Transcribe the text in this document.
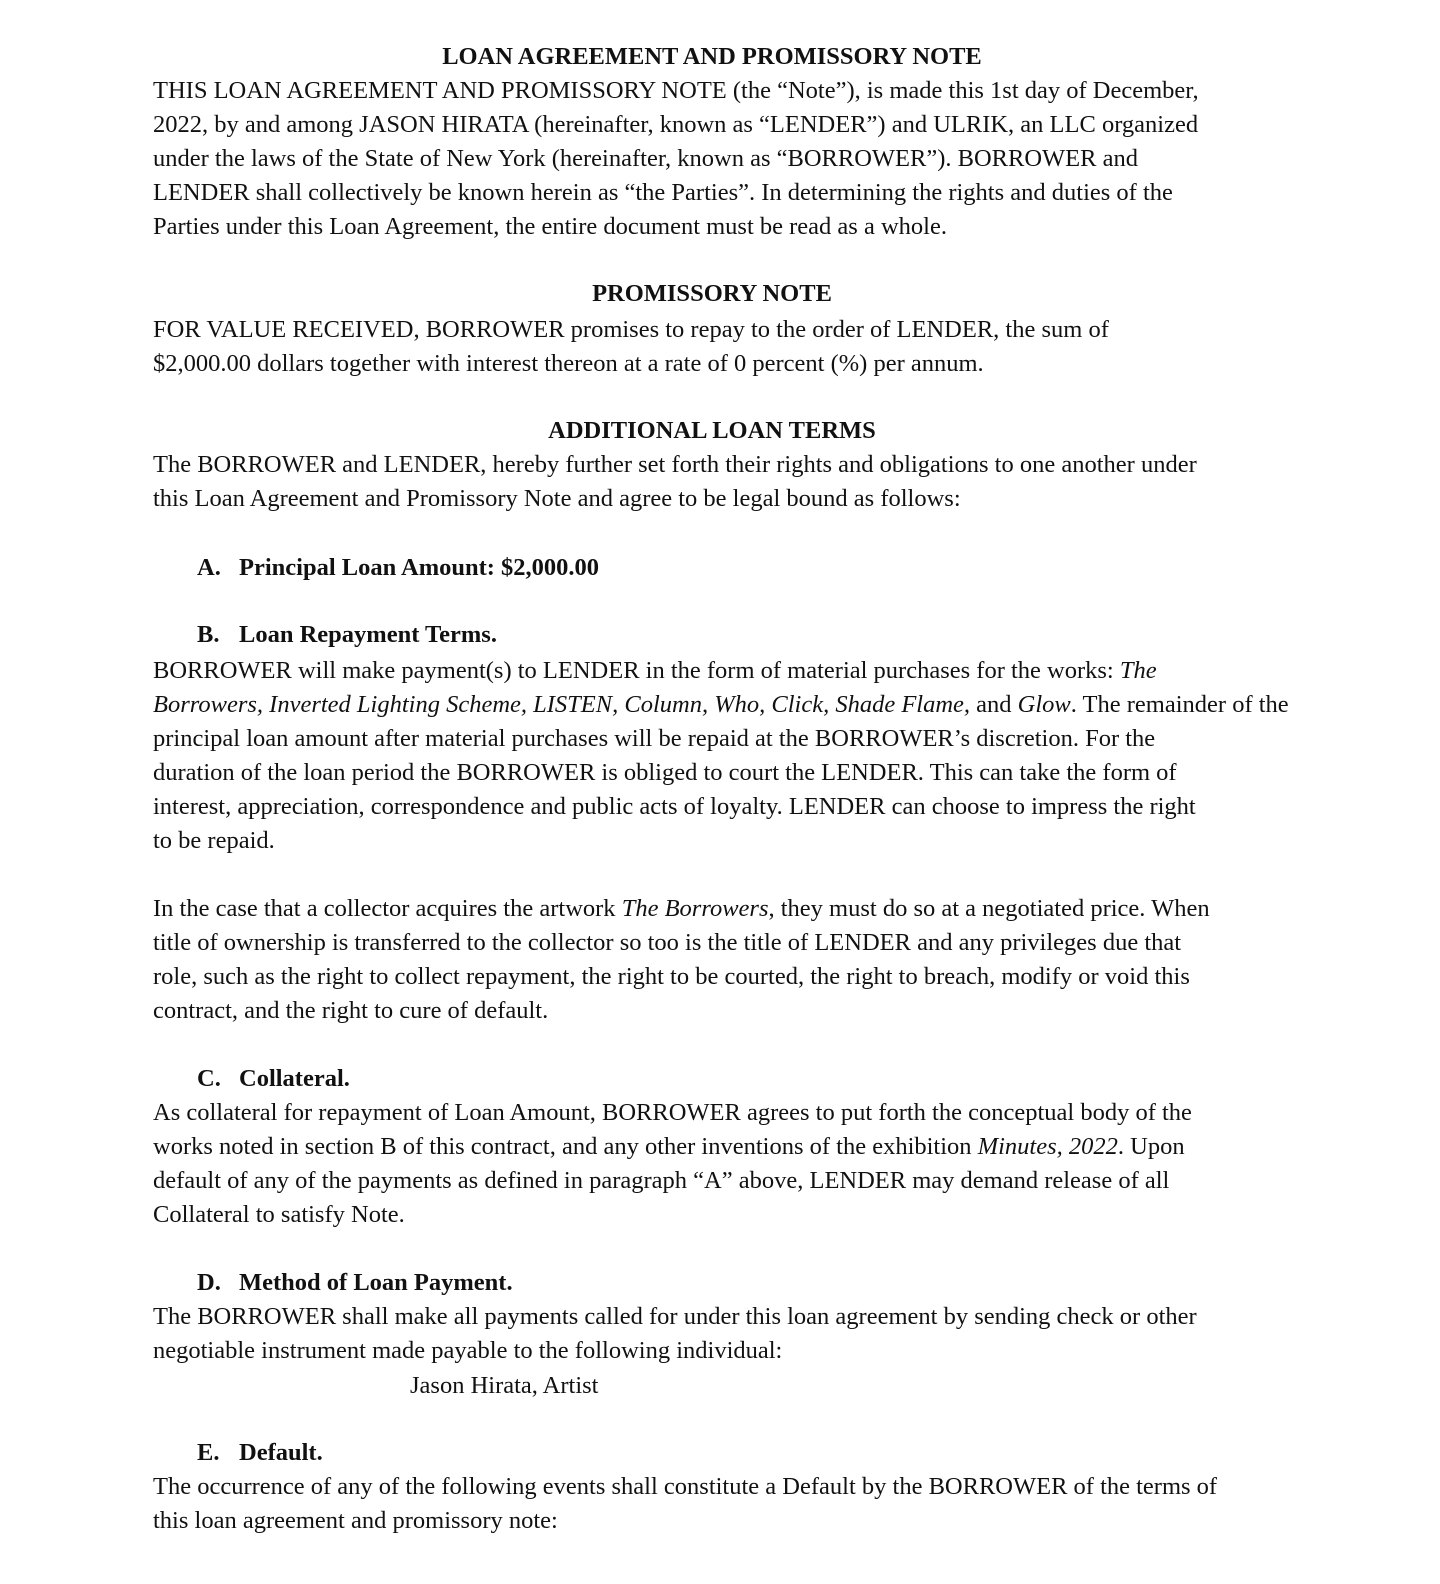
LOAN AGREEMENT AND PROMISSORY NOTE
THIS LOAN AGREEMENT AND PROMISSORY NOTE (the “Note”), is made this 1st day of December,
2022, by and among JASON HIRATA (hereinafter, known as “LENDER”) and ULRIK, an LLC organized
under the laws of the State of New York (hereinafter, known as “BORROWER”). BORROWER and
LENDER shall collectively be known herein as “the Parties”. In determining the rights and duties of the
Parties under this Loan Agreement, the entire document must be read as a whole.
PROMISSORY NOTE
FOR VALUE RECEIVED, BORROWER promises to repay to the order of LENDER, the sum of
$2,000.00 dollars together with interest thereon at a rate of 0 percent (%) per annum.
ADDITIONAL LOAN TERMS
The BORROWER and LENDER, hereby further set forth their rights and obligations to one another under
this Loan Agreement and Promissory Note and agree to be legal bound as follows:
A. Principal Loan Amount: $2,000.00
B. Loan Repayment Terms.
BORROWER will make payment(s) to LENDER in the form of material purchases for the works: The
Borrowers, Inverted Lighting Scheme, LISTEN, Column, Who, Click, Shade Flame, and Glow. The remainder of the
principal loan amount after material purchases will be repaid at the BORROWER’s discretion. For the
duration of the loan period the BORROWER is obliged to court the LENDER. This can take the form of
interest, appreciation, correspondence and public acts of loyalty. LENDER can choose to impress the right
to be repaid.
In the case that a collector acquires the artwork The Borrowers, they must do so at a negotiated price. When
title of ownership is transferred to the collector so too is the title of LENDER and any privileges due that
role, such as the right to collect repayment, the right to be courted, the right to breach, modify or void this
contract, and the right to cure of default.
C. Collateral.
As collateral for repayment of Loan Amount, BORROWER agrees to put forth the conceptual body of the
works noted in section B of this contract, and any other inventions of the exhibition Minutes, 2022. Upon
default of any of the payments as defined in paragraph “A” above, LENDER may demand release of all
Collateral to satisfy Note.
D. Method of Loan Payment.
The BORROWER shall make all payments called for under this loan agreement by sending check or other
negotiable instrument made payable to the following individual:
Jason Hirata, Artist
E. Default.
The occurrence of any of the following events shall constitute a Default by the BORROWER of the terms of
this loan agreement and promissory note:
